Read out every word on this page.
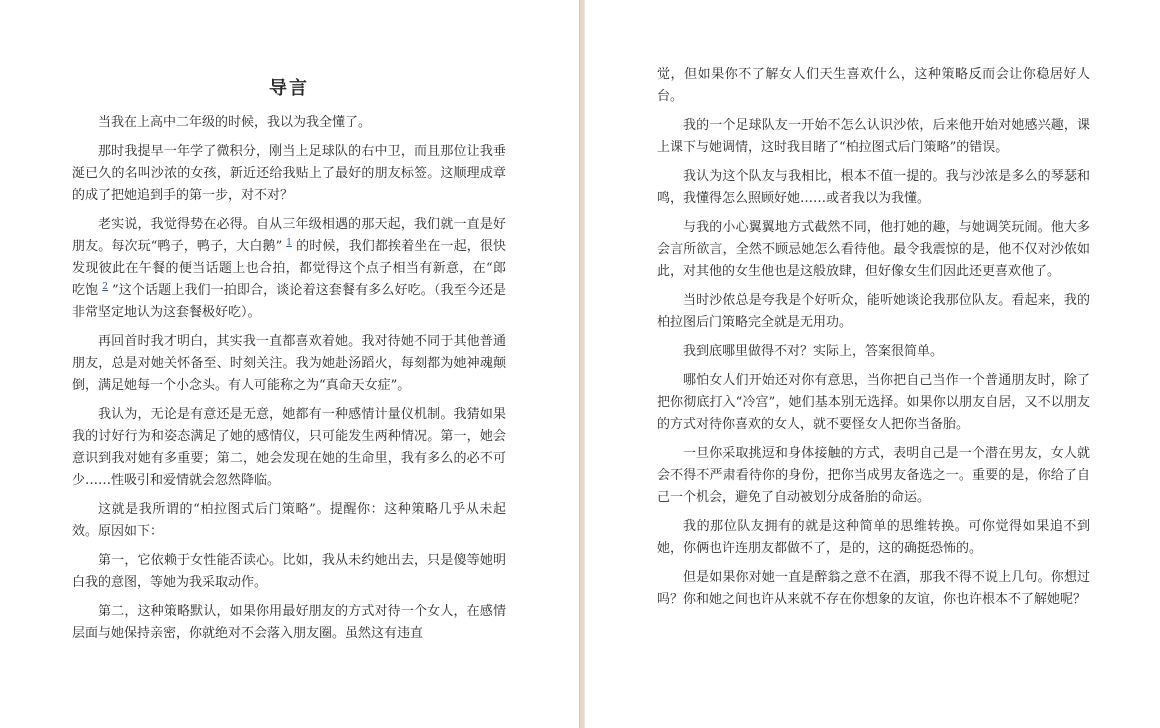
导言

当我在上高中二年级的时候，我以为我全懂了。

那时我提早一年学了微积分，刚当上足球队的右中卫，而且那位让我垂涎已久的名叫沙浓的女孩，新近还给我贴上了最好的朋友标签。这顺理成章的成了把她追到手的第一步，对不对？

老实说，我觉得势在必得。自从三年级相遇的那天起，我们就一直是好朋友。每次玩“鸭子，鸭子，大白鹅” $^1$ 的时候，我们都挨着坐在一起，很快发现彼此在午餐的便当话题上也合拍，都觉得这个点子相当有新意，在“郎吃饱 $^2$ ”这个话题上我们一拍即合，谈论着这套餐有多么好吃。（我至今还是非常坚定地认为这套餐极好吃）。

再回首时我才明白，其实我一直都喜欢着她。我对待她不同于其他普通朋友，总是对她关怀备至、时刻关注。我为她赴汤蹈火，每刻都为她神魂颠倒，满足她每一个小念头。有人可能称之为“真命天女症”。

我认为，无论是有意还是无意，她都有一种感情计量仪机制。我猜如果我的讨好行为和姿态满足了她的感情仪，只可能发生两种情况。第一，她会意识到我对她有多重要；第二，她会发现在她的生命里，我有多么的必不可少……性吸引和爱情就会忽然降临。

这就是我所谓的“柏拉图式后门策略”。提醒你：这种策略几乎从未起效。原因如下：

第一，它依赖于女性能否读心。比如，我从未约她出去，只是傻等她明白我的意图，等她为我采取动作。

第二，这种策略默认，如果你用最好朋友的方式对待一个女人，在感情层面与她保持亲密，你就绝对不会落入朋友圈。虽然这有违直

觉，但如果你不了解女人们天生喜欢什么，这种策略反而会让你稳居好人台。

我的一个足球队友一开始不怎么认识沙侬，后来他开始对她感兴趣，课上课下与她调情，这时我目睹了“柏拉图式后门策略”的错误。

我认为这个队友与我相比，根本不值一提的。我与沙浓是多么的琴瑟和鸣，我懂得怎么照顾好她……或者我以为我懂。

与我的小心翼翼地方式截然不同，他打她的趣，与她调笑玩闹。他大多会言所欲言，全然不顾忌她怎么看待他。最令我震惊的是，他不仅对沙侬如此，对其他的女生他也是这般放肆，但好像女生们因此还更喜欢他了。

当时沙侬总是夸我是个好听众，能听她谈论我那位队友。看起来，我的柏拉图后门策略完全就是无用功。

我到底哪里做得不对？实际上，答案很简单。

哪怕女人们开始还对你有意思，当你把自己当作一个普通朋友时，除了把你彻底打入“冷宫”，她们基本别无选择。如果你以朋友自居，又不以朋友的方式对待你喜欢的女人，就不要怪女人把你当备胎。

一旦你采取挑逗和身体接触的方式，表明自己是一个潜在男友，女人就会不得不严肃看待你的身份，把你当成男友备选之一。重要的是，你给了自己一个机会，避免了自动被划分成备胎的命运。

我的那位队友拥有的就是这种简单的思维转换。可你觉得如果追不到她，你俩也许连朋友都做不了，是的，这的确挺恐怖的。

但是如果你对她一直是醉翁之意不在酒，那我不得不说上几句。你想过吗？你和她之间也许从来就不存在你想象的友谊，你也许根本不了解她呢？
